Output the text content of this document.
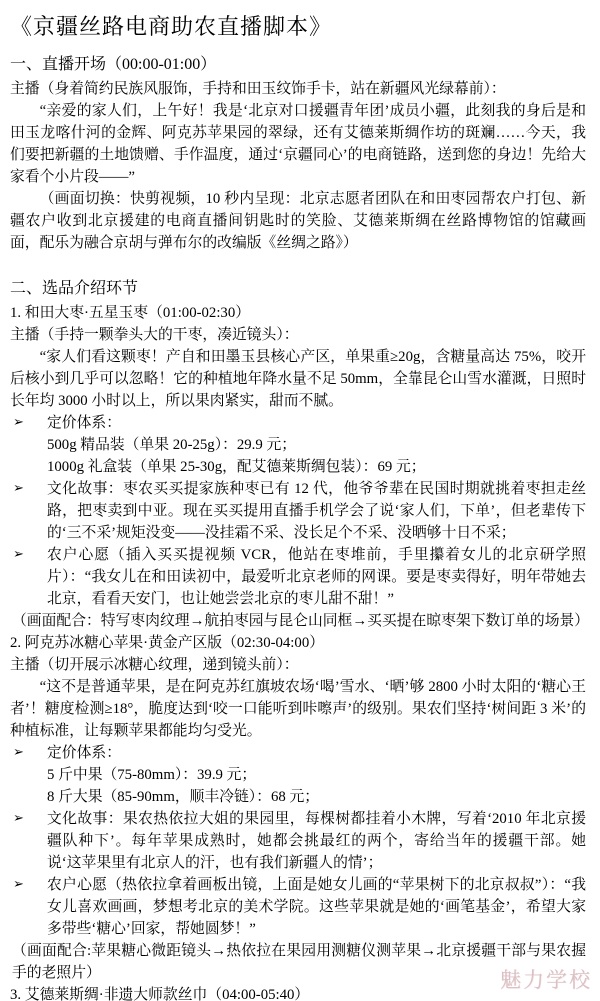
《京疆丝路电商助农直播脚本》

一、直播开场（00:00-01:00）

主播（身着简约民族风服饰，手持和田玉纹饰手卡，站在新疆风光绿幕前）：

“亲爱的家人们，上午好！我是‘北京对口援疆青年团’成员小疆，此刻我的身后是和田玉龙喀什河的金辉、阿克苏苹果园的翠绿，还有艾德莱斯绸作坊的斑斓……今天，我们要把新疆的土地馈赠、手作温度，通过‘京疆同心’的电商链路，送到您的身边！先给大家看个小片段——”

（画面切换：快剪视频，10 秒内呈现：北京志愿者团队在和田枣园帮农户打包、新疆农户收到北京援建的电商直播间钥匙时的笑脸、艾德莱斯绸在丝路博物馆的馆藏画面，配乐为融合京胡与弹布尔的改编版《丝绸之路》）

二、选品介绍环节

1. 和田大枣·五星玉枣（01:00-02:30）

主播（手持一颗拳头大的干枣，凑近镜头）：

“家人们看这颗枣！产自和田墨玉县核心产区，单果重≥20g，含糖量高达 75%，咬开后核小到几乎可以忽略！它的种植地年降水量不足 50mm，全靠昆仑山雪水灌溉，日照时长年均 3000 小时以上，所以果肉紧实，甜而不腻。

➢	定价体系：

500g 精品装（单果 20-25g）：29.9 元；

1000g 礼盒装（单果 25-30g，配艾德莱斯绸包装）：69 元；

➢	文化故事：枣农买买提家族种枣已有 12 代，他爷爷辈在民国时期就挑着枣担走丝路，把枣卖到中亚。现在买买提用直播手机学会了说‘家人们，下单’，但老辈传下的‘三不采’规矩没变——没挂霜不采、没长足个不采、没晒够十日不采；

➢	农户心愿（插入买买提视频 VCR，他站在枣堆前，手里攥着女儿的北京研学照片）：“我女儿在和田读初中，最爱听北京老师的网课。要是枣卖得好，明年带她去北京，看看天安门，也让她尝尝北京的枣儿甜不甜！”

（画面配合：特写枣肉纹理→航拍枣园与昆仑山同框→买买提在晾枣架下数订单的场景）

2. 阿克苏冰糖心苹果·黄金产区版（02:30-04:00）

主播（切开展示冰糖心纹理，递到镜头前）：

“这不是普通苹果，是在阿克苏红旗坡农场‘喝’雪水、‘晒’够 2800 小时太阳的‘糖心王者’！糖度检测≥18°，脆度达到‘咬一口能听到咔嚓声’的级别。果农们坚持‘树间距 3 米’的种植标准，让每颗苹果都能均匀受光。

➢	定价体系：

5 斤中果（75-80mm）：39.9 元；

8 斤大果（85-90mm，顺丰冷链）：68 元；

➢	文化故事：果农热依拉大姐的果园里，每棵树都挂着小木牌，写着‘2010 年北京援疆队种下’。每年苹果成熟时，她都会挑最红的两个，寄给当年的援疆干部。她说‘这苹果里有北京人的汗，也有我们新疆人的情’；

➢	农户心愿（热依拉拿着画板出镜，上面是她女儿画的“苹果树下的北京叔叔”）：“我女儿喜欢画画，梦想考北京的美术学院。这些苹果就是她的‘画笔基金’，希望大家多带些‘糖心’回家，帮她圆梦！”

（画面配合:苹果糖心微距镜头→热依拉在果园用测糖仪测苹果→北京援疆干部与果农握手的老照片）

3. 艾德莱斯绸·非遗大师款丝巾（04:00-05:40）

魅力学校
